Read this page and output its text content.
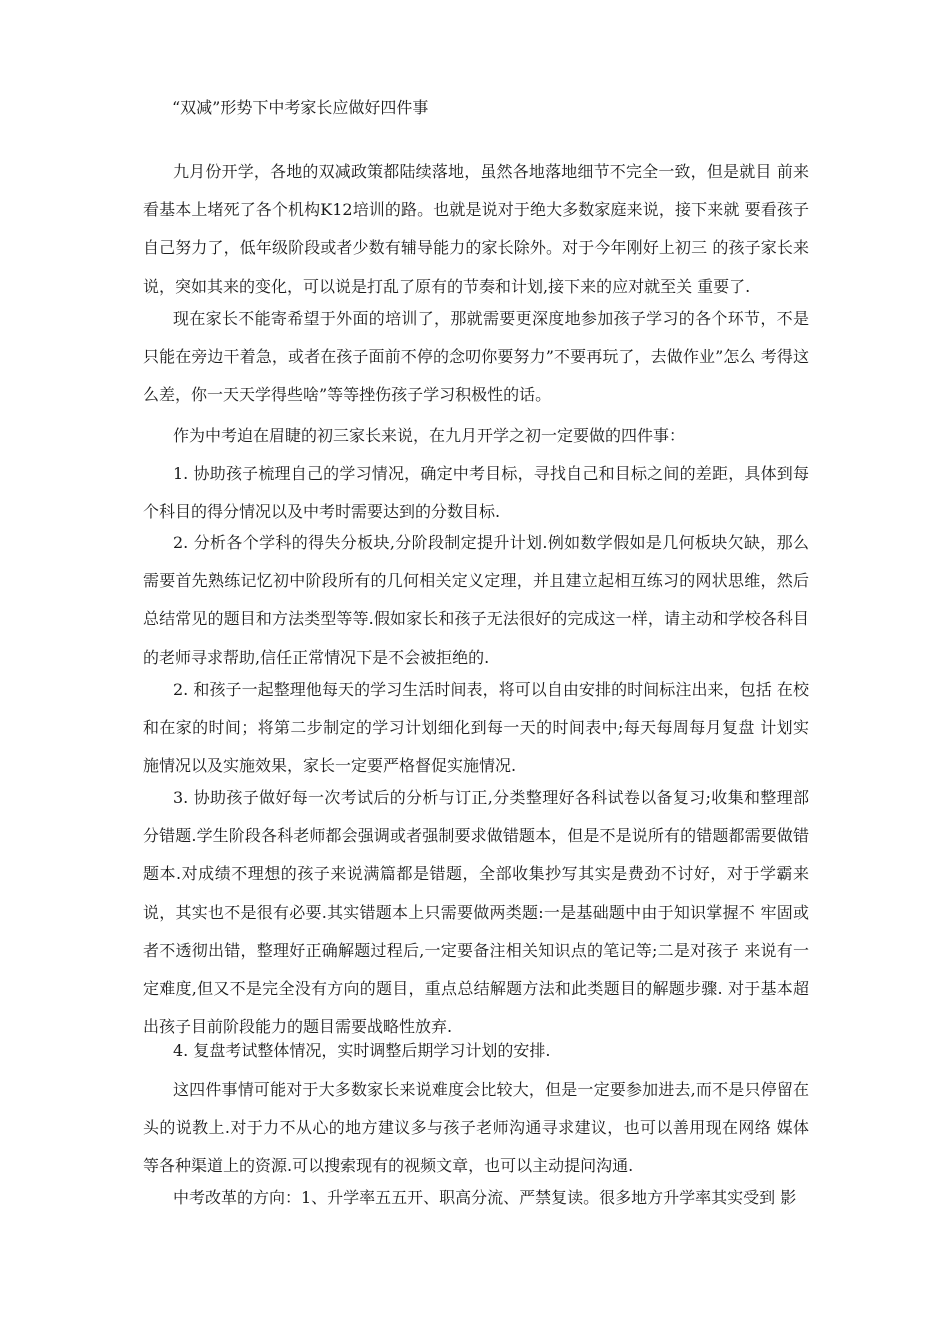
“双减”形势下中考家长应做好四件事

九月份开学，各地的双减政策都陆续落地，虽然各地落地细节不完全一致，但是就目 前来看基本上堵死了各个机构K12培训的路。也就是说对于绝大多数家庭来说，接下来就 要看孩子自己努力了，低年级阶段或者少数有辅导能力的家长除外。对于今年刚好上初三 的孩子家长来说，突如其来的变化，可以说是打乱了原有的节奏和计划,接下来的应对就至关 重要了.

现在家长不能寄希望于外面的培训了，那就需要更深度地参加孩子学习的各个环节，不是只能在旁边干着急，或者在孩子面前不停的念叨你要努力”不要再玩了，去做作业”怎么 考得这么差，你一天天学得些啥”等等挫伤孩子学习积极性的话。

作为中考迫在眉睫的初三家长来说，在九月开学之初一定要做的四件事：

1. 协助孩子梳理自己的学习情况，确定中考目标，寻找自己和目标之间的差距，具体到每个科目的得分情况以及中考时需要达到的分数目标.

2. 分析各个学科的得失分板块,分阶段制定提升计划.例如数学假如是几何板块欠缺，那么需要首先熟练记忆初中阶段所有的几何相关定义定理，并且建立起相互练习的网状思维，然后总结常见的题目和方法类型等等.假如家长和孩子无法很好的完成这一样，请主动和学校各科目的老师寻求帮助,信任正常情况下是不会被拒绝的.

2. 和孩子一起整理他每天的学习生活时间表，将可以自由安排的时间标注出来，包括 在校和在家的时间；将第二步制定的学习计划细化到每一天的时间表中;每天每周每月复盘 计划实施情况以及实施效果，家长一定要严格督促实施情况.

3. 协助孩子做好每一次考试后的分析与订正,分类整理好各科试卷以备复习;收集和整理部分错题.学生阶段各科老师都会强调或者强制要求做错题本，但是不是说所有的错题都需要做错题本.对成绩不理想的孩子来说满篇都是错题，全部收集抄写其实是费劲不讨好，对于学霸来说，其实也不是很有必要.其实错题本上只需要做两类题:一是基础题中由于知识掌握不 牢固或者不透彻出错，整理好正确解题过程后,一定要备注相关知识点的笔记等;二是对孩子 来说有一定难度,但又不是完全没有方向的题目，重点总结解题方法和此类题目的解题步骤. 对于基本超出孩子目前阶段能力的题目需要战略性放弃.

4. 复盘考试整体情况，实时调整后期学习计划的安排.

这四件事情可能对于大多数家长来说难度会比较大，但是一定要参加进去,而不是只停留在头的说教上.对于力不从心的地方建议多与孩子老师沟通寻求建议，也可以善用现在网络 媒体等各种渠道上的资源.可以搜索现有的视频文章，也可以主动提问沟通.

中考改革的方向：1、升学率五五开、职高分流、严禁复读。很多地方升学率其实受到 影
